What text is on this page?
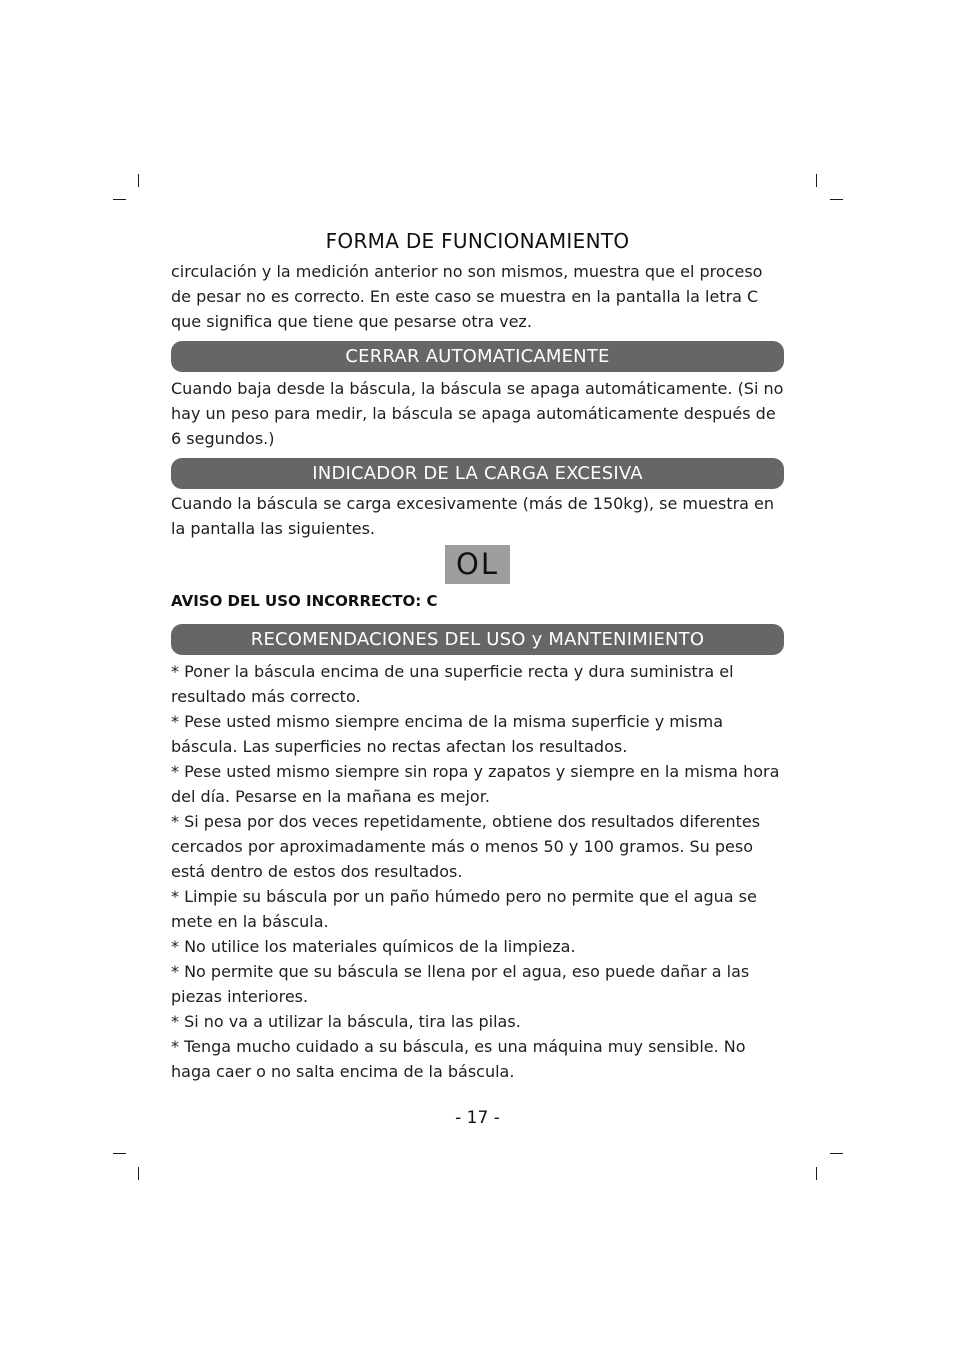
FORMA DE FUNCIONAMIENTO
circulación y la medición anterior no son mismos, muestra que el proceso de pesar no es correcto. En este caso se muestra en la pantalla la letra C que significa que tiene que pesarse otra vez.
CERRAR AUTOMATICAMENTE
Cuando baja desde la báscula, la báscula se apaga automáticamente. (Si no hay un peso para medir, la báscula se apaga automáticamente después de 6 segundos.)
INDICADOR DE LA CARGA EXCESIVA
Cuando la báscula se carga excesivamente (más de 150kg), se muestra en la pantalla las siguientes.
OL
AVISO DEL USO INCORRECTO: C
RECOMENDACIONES DEL USO y MANTENIMIENTO
* Poner la báscula encima de una superficie recta y dura suministra el resultado más correcto.
* Pese usted mismo siempre encima de la misma superficie y misma báscula. Las superficies no rectas afectan los resultados.
* Pese usted mismo siempre sin ropa y zapatos y siempre en la misma hora del día. Pesarse en la mañana es mejor.
* Si pesa por dos veces repetidamente, obtiene dos resultados diferentes cercados por aproximadamente más o menos 50 y 100 gramos. Su peso está dentro de estos dos resultados.
* Limpie su báscula por un paño húmedo pero no permite que el agua se mete en la báscula.
* No utilice los materiales químicos de la limpieza.
* No permite que su báscula se llena por el agua, eso puede dañar a las piezas interiores.
* Si no va a utilizar la báscula, tira las pilas.
* Tenga mucho cuidado a su báscula, es una máquina muy sensible. No haga caer o no salta encima de la báscula.
- 17 -
